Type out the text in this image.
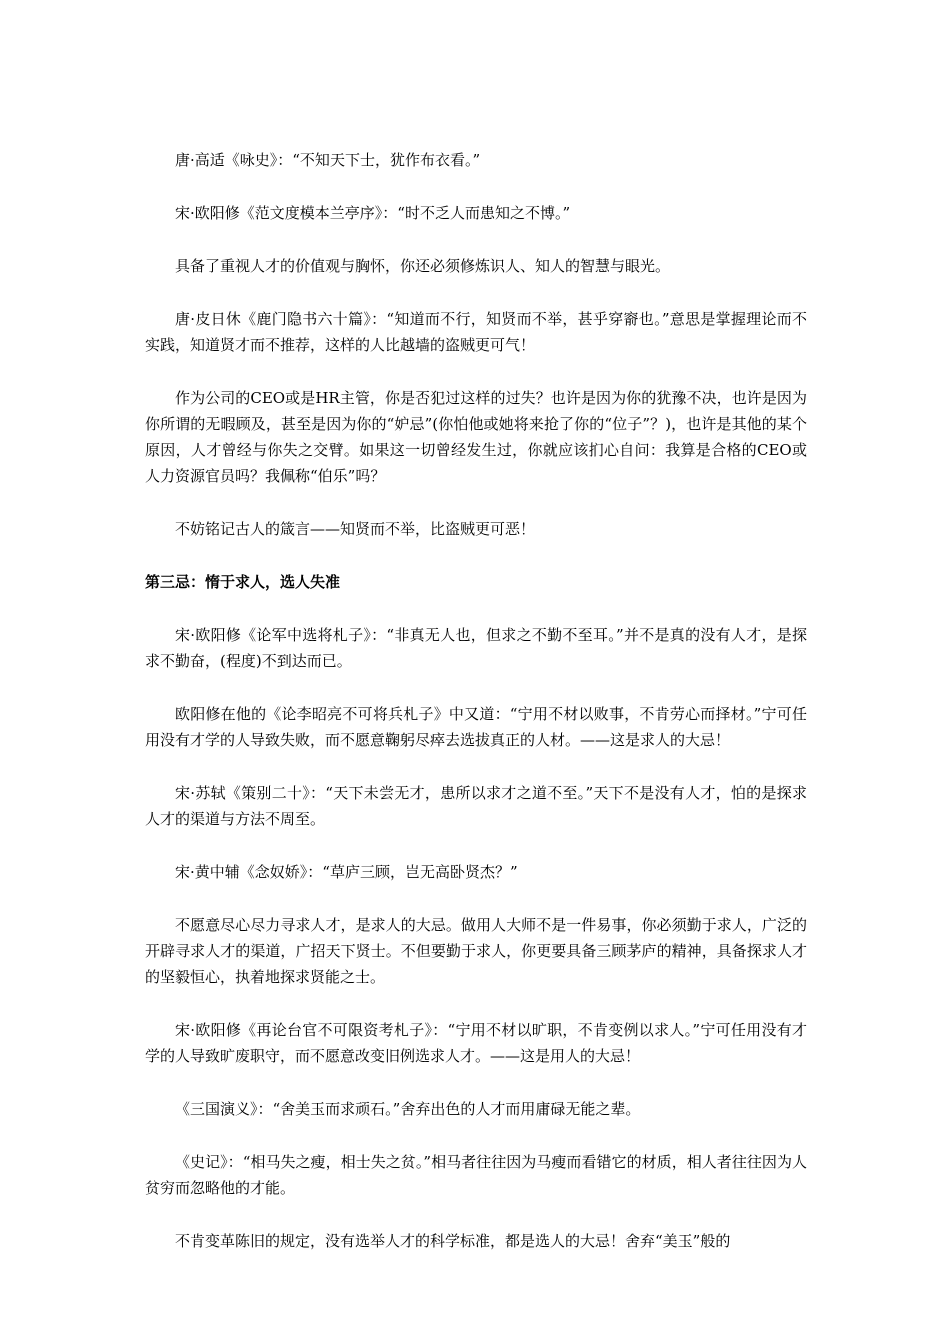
唐·高适《咏史》：“不知天下士，犹作布衣看。”

宋·欧阳修《范文度模本兰亭序》：“时不乏人而患知之不博。”

具备了重视人才的价值观与胸怀，你还必须修炼识人、知人的智慧与眼光。

唐·皮日休《鹿门隐书六十篇》：“知道而不行，知贤而不举，甚乎穿窬也。”意思是掌握理论而不实践，知道贤才而不推荐，这样的人比越墙的盗贼更可气！

作为公司的CEO或是HR主管，你是否犯过这样的过失？也许是因为你的犹豫不决，也许是因为你所谓的无暇顾及，甚至是因为你的“妒忌”(你怕他或她将来抢了你的“位子”？)，也许是其他的某个原因，人才曾经与你失之交臂。如果这一切曾经发生过，你就应该扪心自问：我算是合格的CEO或人力资源官员吗？我佩称“伯乐”吗？

不妨铭记古人的箴言——知贤而不举，比盗贼更可恶！

第三忌：惰于求人，选人失准

宋·欧阳修《论军中选将札子》：“非真无人也，但求之不勤不至耳。”并不是真的没有人才，是探求不勤奋，(程度)不到达而已。

欧阳修在他的《论李昭亮不可将兵札子》中又道：“宁用不材以败事，不肯劳心而择材。”宁可任用没有才学的人导致失败，而不愿意鞠躬尽瘁去选拔真正的人材。——这是求人的大忌！

宋·苏轼《策别二十》：“天下未尝无才，患所以求才之道不至。”天下不是没有人才，怕的是探求人才的渠道与方法不周至。

宋·黄中辅《念奴娇》：“草庐三顾，岂无高卧贤杰？”

不愿意尽心尽力寻求人才，是求人的大忌。做用人大师不是一件易事，你必须勤于求人，广泛的开辟寻求人才的渠道，广招天下贤士。不但要勤于求人，你更要具备三顾茅庐的精神，具备探求人才的坚毅恒心，执着地探求贤能之士。

宋·欧阳修《再论台官不可限资考札子》：“宁用不材以旷职，不肯变例以求人。”宁可任用没有才学的人导致旷废职守，而不愿意改变旧例选求人才。——这是用人的大忌！

《三国演义》：“舍美玉而求顽石。”舍弃出色的人才而用庸碌无能之辈。

《史记》：“相马失之瘦，相士失之贫。”相马者往往因为马瘦而看错它的材质，相人者往往因为人贫穷而忽略他的才能。

不肯变革陈旧的规定，没有选举人才的科学标准，都是选人的大忌！舍弃“美玉”般的
